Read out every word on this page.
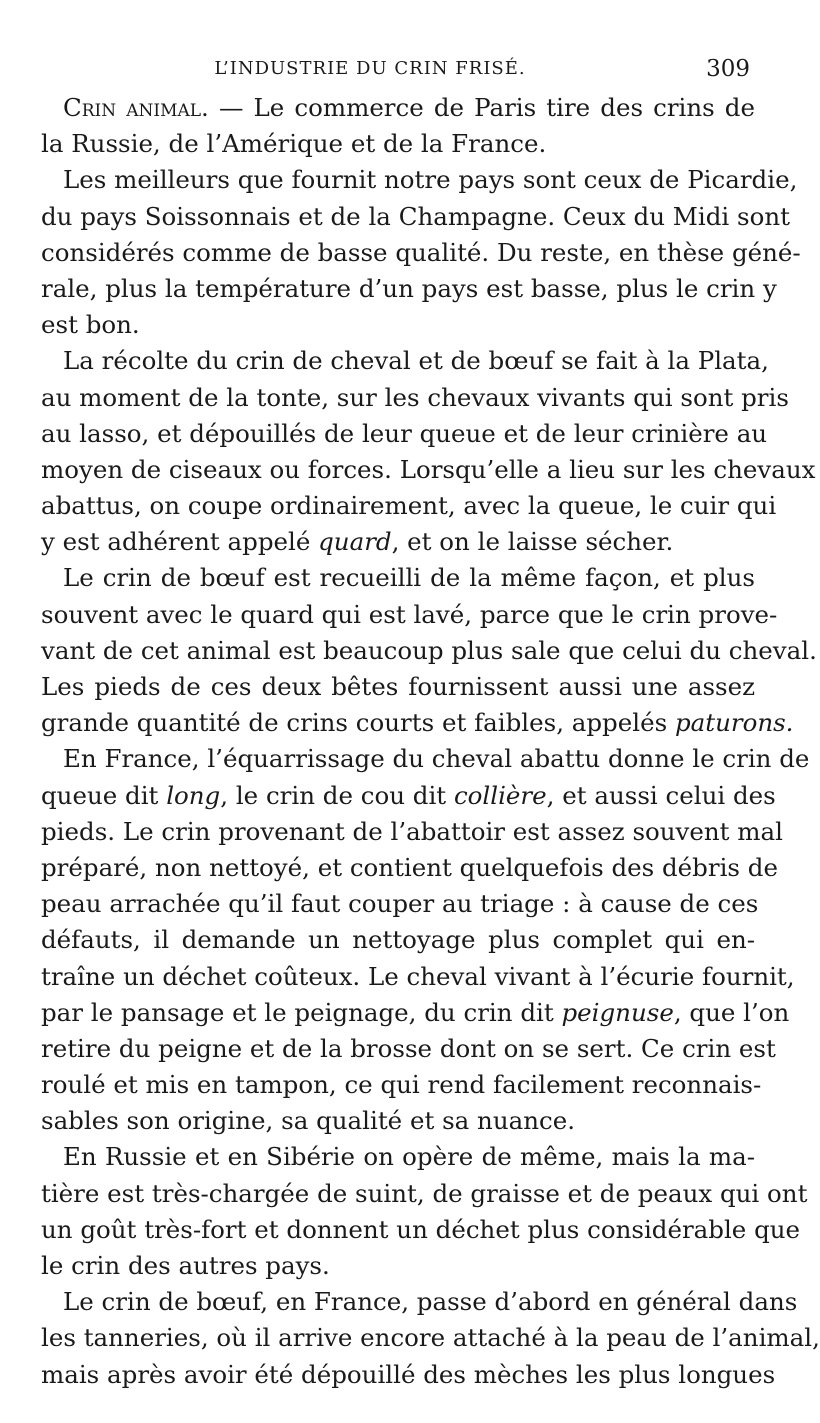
L’INDUSTRIE DU CRIN FRISÉ.	309
Crin animal. — Le commerce de Paris tire des crins de
la Russie, de l’Amérique et de la France.
Les meilleurs que fournit notre pays sont ceux de Picardie,
du pays Soissonnais et de la Champagne. Ceux du Midi sont
considérés comme de basse qualité. Du reste, en thèse géné-
rale, plus la température d’un pays est basse, plus le crin y
est bon.
La récolte du crin de cheval et de bœuf se fait à la Plata,
au moment de la tonte, sur les chevaux vivants qui sont pris
au lasso, et dépouillés de leur queue et de leur crinière au
moyen de ciseaux ou forces. Lorsqu’elle a lieu sur les chevaux
abattus, on coupe ordinairement, avec la queue, le cuir qui
y est adhérent appelé quard, et on le laisse sécher.
Le crin de bœuf est recueilli de la même façon, et plus
souvent avec le quard qui est lavé, parce que le crin prove-
vant de cet animal est beaucoup plus sale que celui du cheval.
Les pieds de ces deux bêtes fournissent aussi une assez
grande quantité de crins courts et faibles, appelés paturons.
En France, l’équarrissage du cheval abattu donne le crin de
queue dit long, le crin de cou dit collière, et aussi celui des
pieds. Le crin provenant de l’abattoir est assez souvent mal
préparé, non nettoyé, et contient quelquefois des débris de
peau arrachée qu’il faut couper au triage : à cause de ces
défauts, il demande un nettoyage plus complet qui en-
traîne un déchet coûteux. Le cheval vivant à l’écurie fournit,
par le pansage et le peignage, du crin dit peignuse, que l’on
retire du peigne et de la brosse dont on se sert. Ce crin est
roulé et mis en tampon, ce qui rend facilement reconnais-
sables son origine, sa qualité et sa nuance.
En Russie et en Sibérie on opère de même, mais la ma-
tière est très-chargée de suint, de graisse et de peaux qui ont
un goût très-fort et donnent un déchet plus considérable que
le crin des autres pays.
Le crin de bœuf, en France, passe d’abord en général dans
les tanneries, où il arrive encore attaché à la peau de l’animal,
mais après avoir été dépouillé des mèches les plus longues
